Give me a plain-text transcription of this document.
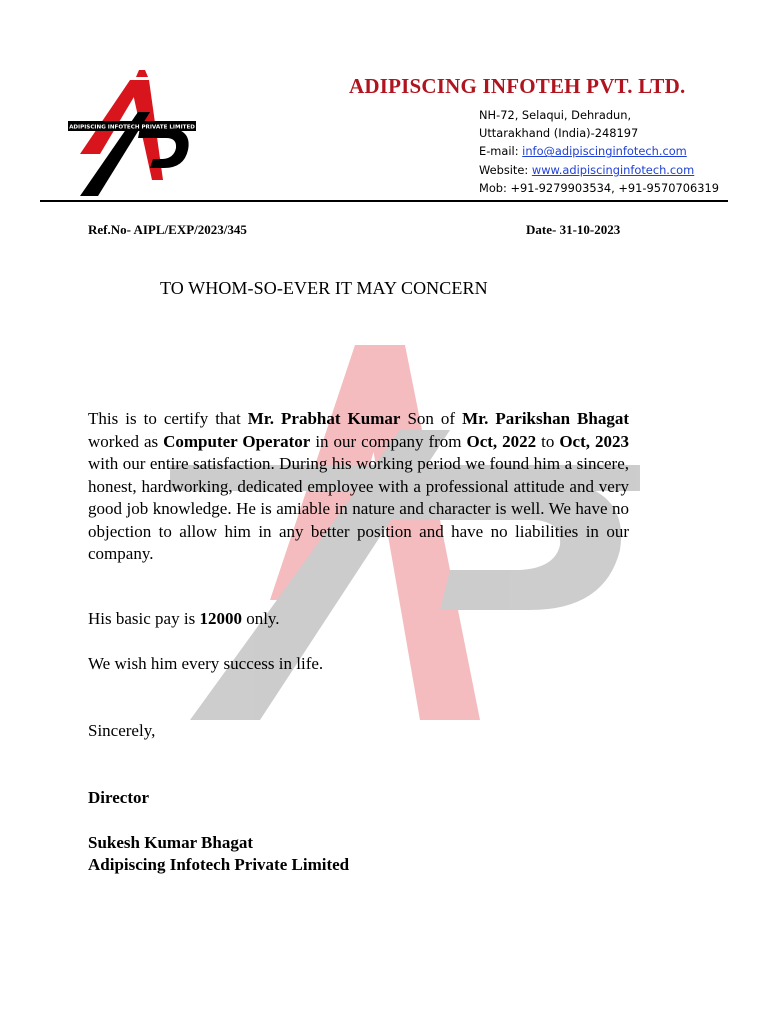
ADIPISCING INFOTECH PRIVATE LIMITED
ADIPISCING INFOTEH PVT. LTD.
NH-72, Selaqui, Dehradun,
Uttarakhand (India)-248197
E-mail: info@adipiscinginfotech.com
Website: www.adipiscinginfotech.com
Mob: +91-9279903534, +91-9570706319
Ref.No- AIPL/EXP/2023/345	Date- 31-10-2023
TO WHOM-SO-EVER IT MAY CONCERN
This is to certify that Mr. Prabhat Kumar Son of Mr. Parikshan Bhagat worked as Computer Operator in our company from Oct, 2022 to Oct, 2023 with our entire satisfaction. During his working period we found him a sincere, honest, hardworking, dedicated employee with a professional attitude and very good job knowledge. He is amiable in nature and character is well. We have no objection to allow him in any better position and have no liabilities in our company.
His basic pay is 12000 only.
We wish him every success in life.
Sincerely,
Director
Sukesh Kumar Bhagat
Adipiscing Infotech Private Limited
